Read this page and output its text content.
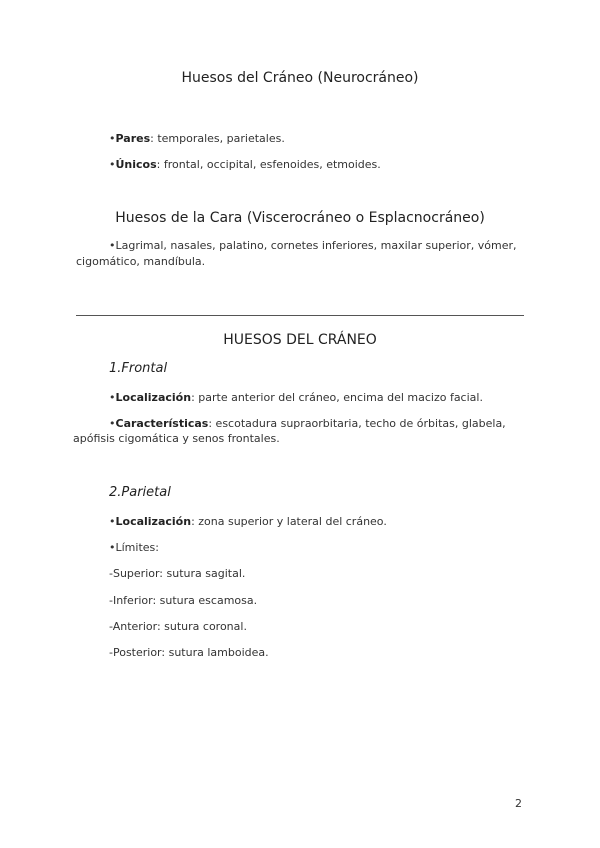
Huesos del Cráneo (Neurocráneo)

•Pares: temporales, parietales.

•Únicos: frontal, occipital, esfenoides, etmoides.

Huesos de la Cara (Viscerocráneo o Esplacnocráneo)

•Lagrimal, nasales, palatino, cornetes inferiores, maxilar superior, vómer,

cigomático, mandíbula.

HUESOS DEL CRÁNEO
1.Frontal

•Localización: parte anterior del cráneo, encima del macizo facial.

•Características: escotadura supraorbitaria, techo de órbitas, glabela,

apófisis cigomática y senos frontales.

2.Parietal

•Localización: zona superior y lateral del cráneo.

•Límites:

-Superior: sutura sagital.

-Inferior: sutura escamosa.

-Anterior: sutura coronal.

-Posterior: sutura lamboidea.

2
